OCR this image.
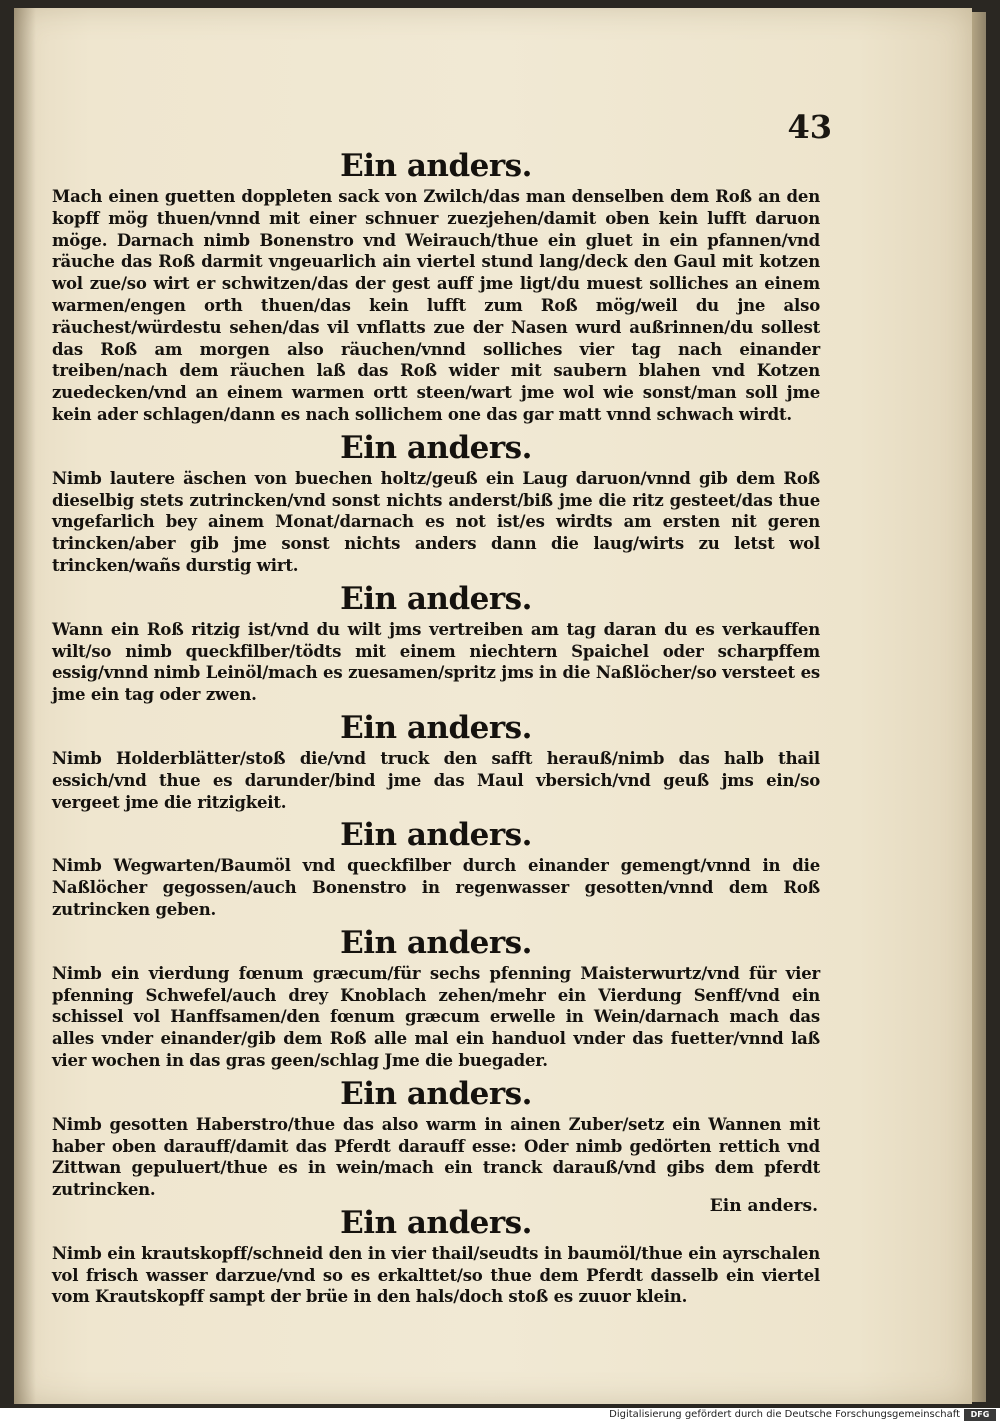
43
Ein anders.

Mach einen guetten doppleten sack von Zwilch/das man denselben dem Roß an den kopff mög thuen/vnnd mit einer schnuer zuezjehen/damit oben kein lufft daruon möge. Darnach nimb Bonenstro vnd Weirauch/thue ein gluet in ein pfannen/vnd räuche das Roß darmit vngeuarlich ain viertel stund lang/deck den Gaul mit kotzen wol zue/so wirt er schwitzen/das der gest auff jme ligt/du muest solliches an einem warmen/engen orth thuen/das kein lufft zum Roß mög/weil du jne also räuchest/würdestu sehen/das vil vnflatts zue der Nasen wurd außrinnen/du sollest das Roß am morgen also räuchen/vnnd solliches vier tag nach einander treiben/nach dem räuchen laß das Roß wider mit saubern blahen vnd Kotzen zuedecken/vnd an einem warmen ortt steen/wart jme wol wie sonst/man soll jme kein ader schlagen/dann es nach sollichem one das gar matt vnnd schwach wirdt.

Ein anders.

Nimb lautere äschen von buechen holtz/geuß ein Laug daruon/vnnd gib dem Roß dieselbig stets zutrincken/vnd sonst nichts anderst/biß jme die ritz gesteet/das thue vngefarlich bey ainem Monat/darnach es not ist/es wirdts am ersten nit geren trincken/aber gib jme sonst nichts anders dann die laug/wirts zu letst wol trincken/wañs durstig wirt.

Ein anders.

Wann ein Roß ritzig ist/vnd du wilt jms vertreiben am tag daran du es verkauffen wilt/so nimb queckfilber/tödts mit einem niechtern Spaichel oder scharpffem essig/vnnd nimb Leinöl/mach es zuesamen/spritz jms in die Naßlöcher/so versteet es jme ein tag oder zwen.

Ein anders.

Nimb Holderblätter/stoß die/vnd truck den safft herauß/nimb das halb thail essich/vnd thue es darunder/bind jme das Maul vbersich/vnd geuß jms ein/so vergeet jme die ritzigkeit.

Ein anders.

Nimb Wegwarten/Baumöl vnd queckfilber durch einander gemengt/vnnd in die Naßlöcher gegossen/auch Bonenstro in regenwasser gesotten/vnnd dem Roß zutrincken geben.

Ein anders.

Nimb ein vierdung fœnum græcum/für sechs pfenning Maisterwurtz/vnd für vier pfenning Schwefel/auch drey Knoblach zehen/mehr ein Vierdung Senff/vnd ein schissel vol Hanffsamen/den fœnum græcum erwelle in Wein/darnach mach das alles vnder einander/gib dem Roß alle mal ein handuol vnder das fuetter/vnnd laß vier wochen in das gras geen/schlag Jme die buegader.

Ein anders.

Nimb gesotten Haberstro/thue das also warm in ainen Zuber/setz ein Wannen mit haber oben darauff/damit das Pferdt darauff esse: Oder nimb gedörten rettich vnd Zittwan gepuluert/thue es in wein/mach ein tranck darauß/vnd gibs dem pferdt zutrincken.

Ein anders.

Nimb ein krautskopff/schneid den in vier thail/seudts in baumöl/thue ein ayrschalen vol frisch wasser darzue/vnd so es erkalttet/so thue dem Pferdt dasselb ein viertel vom Krautskopff sampt der brüe in den hals/doch stoß es zuuor klein.

Ein anders.
Digitalisierung gefördert durch die Deutsche Forschungsgemeinschaft	DFG
